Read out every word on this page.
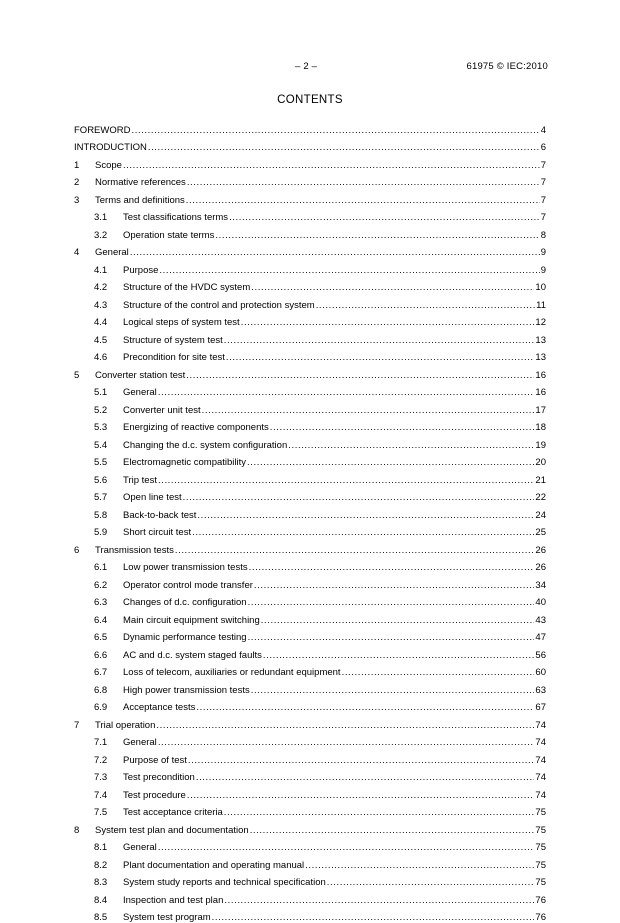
– 2 –	61975 © IEC:2010
CONTENTS
FOREWORD .....	4
INTRODUCTION .....	6
1	Scope .....	7
2	Normative references .....	7
3	Terms and definitions .....	7
3.1	Test classifications terms .....	7
3.2	Operation state terms .....	8
4	General .....	9
4.1	Purpose .....	9
4.2	Structure of the HVDC system .....	10
4.3	Structure of the control and protection system .....	11
4.4	Logical steps of system test .....	12
4.5	Structure of system test .....	13
4.6	Precondition for site test .....	13
5	Converter station test .....	16
5.1	General .....	16
5.2	Converter unit test .....	17
5.3	Energizing of reactive components .....	18
5.4	Changing the d.c. system configuration .....	19
5.5	Electromagnetic compatibility .....	20
5.6	Trip test .....	21
5.7	Open line test .....	22
5.8	Back-to-back test .....	24
5.9	Short circuit test .....	25
6	Transmission tests .....	26
6.1	Low power transmission tests .....	26
6.2	Operator control mode transfer .....	34
6.3	Changes of d.c. configuration .....	40
6.4	Main circuit equipment switching .....	43
6.5	Dynamic performance testing .....	47
6.6	AC and d.c. system staged faults .....	56
6.7	Loss of telecom, auxiliaries or redundant equipment .....	60
6.8	High power transmission tests .....	63
6.9	Acceptance tests .....	67
7	Trial operation .....	74
7.1	General .....	74
7.2	Purpose of test .....	74
7.3	Test precondition .....	74
7.4	Test procedure .....	74
7.5	Test acceptance criteria .....	75
8	System test plan and documentation .....	75
8.1	General .....	75
8.2	Plant documentation and operating manual .....	75
8.3	System study reports and technical specification .....	75
8.4	Inspection and test plan .....	76
8.5	System test program .....	76
